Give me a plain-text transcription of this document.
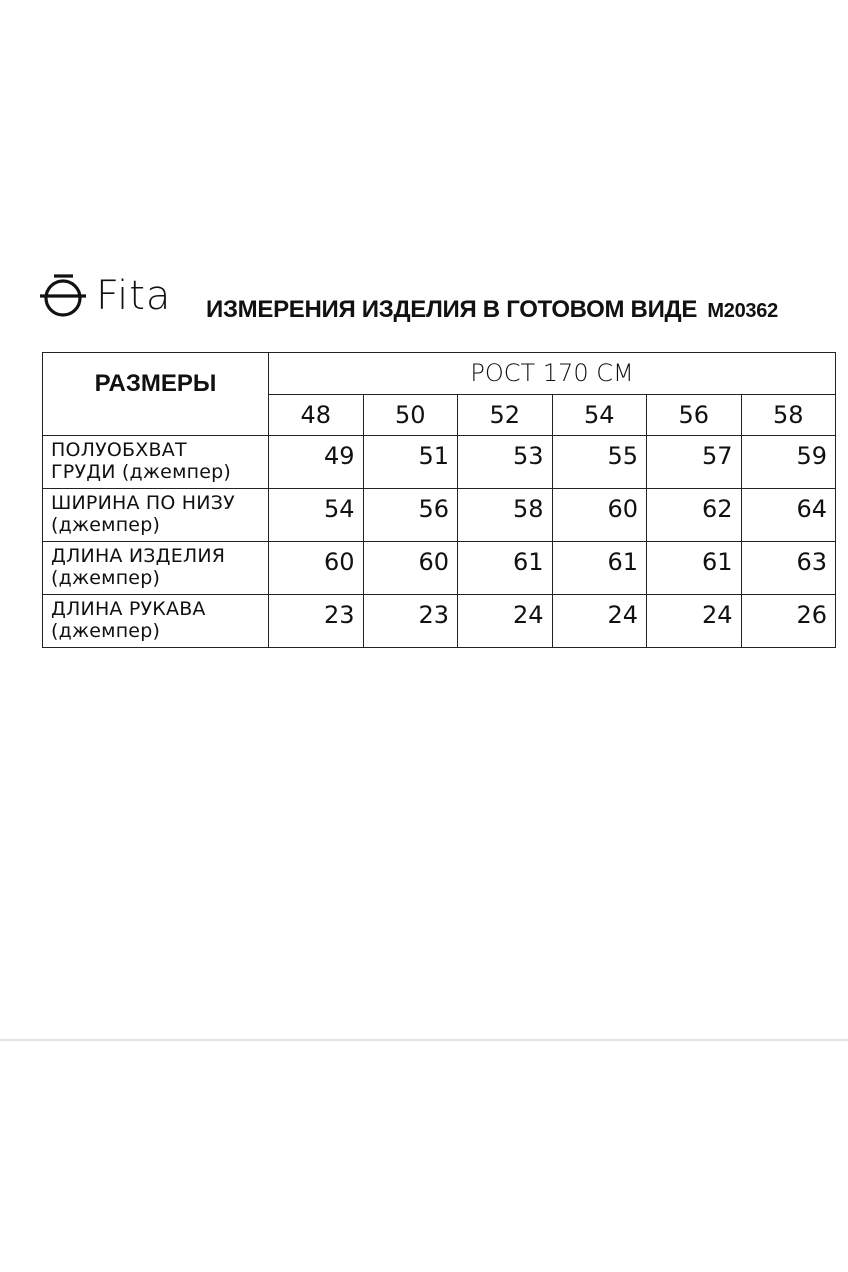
Fita ИЗМЕРЕНИЯ ИЗДЕЛИЯ В ГОТОВОМ ВИДЕ М20362
РАЗМЕРЫ	РОСТ 170 СМ					
	48	50	52	54	56	58
ПОЛУОБХВАТ
ГРУДИ (джемпер)	49	51	53	55	57	59
ШИРИНА ПО НИЗУ
(джемпер)	54	56	58	60	62	64
ДЛИНА ИЗДЕЛИЯ
(джемпер)	60	60	61	61	61	63
ДЛИНА РУКАВА
(джемпер)	23	23	24	24	24	26
